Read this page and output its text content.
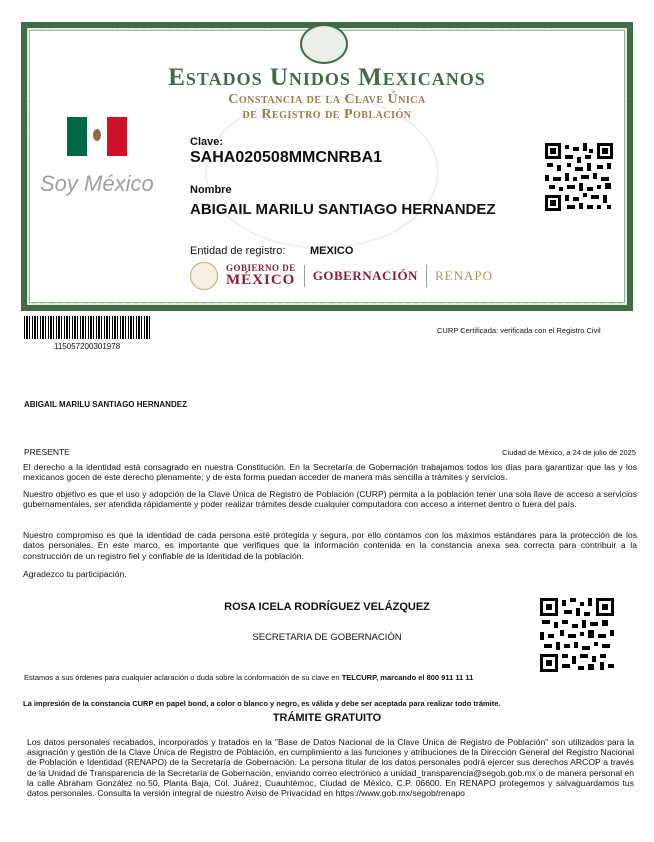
Estados Unidos Mexicanos
Constancia de la Clave Única
de Registro de Población
Soy México
Clave:
SAHA020508MMCNRBA1
Nombre
ABIGAIL MARILU SANTIAGO HERNANDEZ
Entidad de registro: MEXICO
GOBIERNO DE
MÉXICO GOBERNACIÓN RENAPO
115057200301978
CURP Certificada: verificada con el Registro Civil
ABIGAIL MARILU SANTIAGO HERNANDEZ
PRESENTE	Ciudad de México, a 24 de julio de 2025
El derecho a la identidad está consagrado en nuestra Constitución. En la Secretaría de Gobernación trabajamos todos los días para garantizar que las y los mexicanos gocen de este derecho plenamente; y de esta forma puedan acceder de manera más sencilla a trámites y servicios.
Nuestro objetivo es que el uso y adopción de la Clave Única de Registro de Población (CURP) permita a la población tener una sola llave de acceso a servicios gubernamentales, ser atendida rápidamente y poder realizar trámites desde cualquier computadora con acceso a internet dentro o fuera del país.
Nuestro compromiso es que la identidad de cada persona esté protegida y segura, por ello contamos con los máximos estándares para la protección de los datos personales. En este marco, es importante que verifiques que la información contenida en la constancia anexa sea correcta para contribuir a la construcción de un registro fiel y confiable de la identidad de la población.
Agradezco tu participación.
ROSA ICELA RODRÍGUEZ VELÁZQUEZ
SECRETARIA DE GOBERNACIÓN
Estamos a sus órdenes para cualquier aclaración o duda sobre la conformación de su clave en TELCURP, marcando el 800 911 11 11
La impresión de la constancia CURP en papel bond, a color o blanco y negro, es válida y debe ser aceptada para realizar todo trámite.
TRÁMITE GRATUITO
Los datos personales recabados, incorporados y tratados en la "Base de Datos Nacional de la Clave Única de Registro de Población" son utilizados para la asignación y gestión de la Clave Única de Registro de Población, en cumplimiento a las funciones y atribuciones de la Dirección General del Registro Nacional de Población e Identidad (RENAPO) de la Secretaría de Gobernación. La persona titular de los datos personales podrá ejercer sus derechos ARCOP a través de la Unidad de Transparencia de la Secretaría de Gobernación, enviando correo electrónico a unidad_transparencia@segob.gob.mx o de manera personal en la calle Abraham González no.50, Planta Baja, Col. Juárez, Cuauhtémoc, Ciudad de México, C.P. 06600. En RENAPO protegemos y salvaguardamos tus datos personales. Consulta la versión integral de nuestro Aviso de Privacidad en https://www.gob.mx/segob/renapo
